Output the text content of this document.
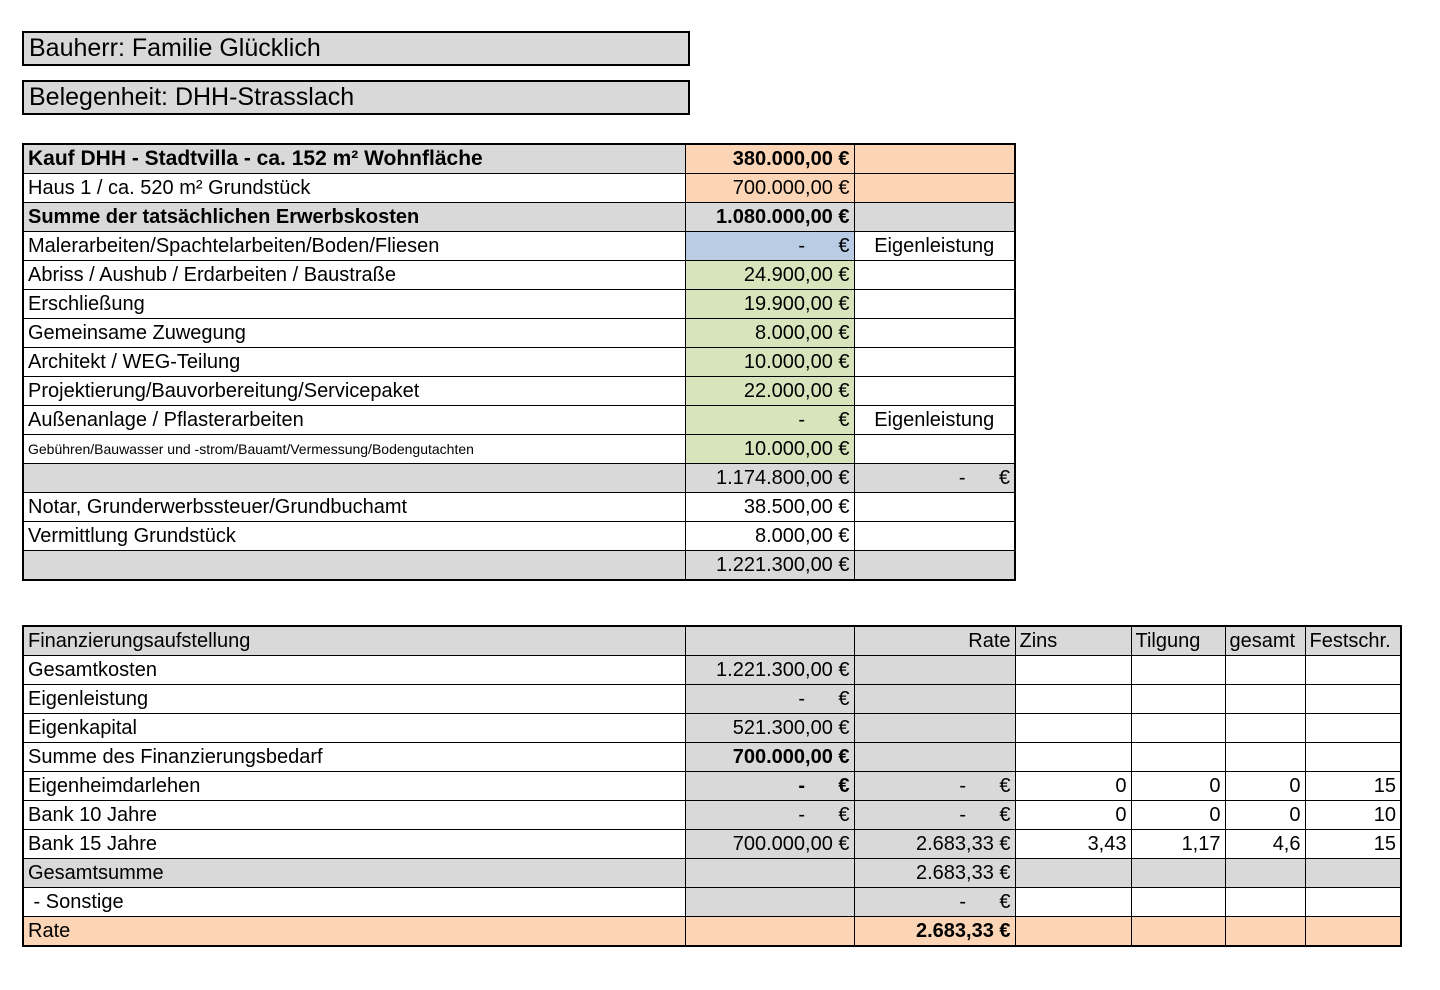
Bauherr: Familie Glücklich
Belegenheit: DHH-Strasslach
Kauf DHH - Stadtvilla - ca. 152 m² Wohnfläche	380.000,00 €	
Haus 1 / ca. 520 m² Grundstück	700.000,00 €	
Summe der tatsächlichen Erwerbskosten	1.080.000,00 €	
Malerarbeiten/Spachtelarbeiten/Boden/Fliesen	-      €	Eigenleistung
Abriss / Aushub / Erdarbeiten / Baustraße	24.900,00 €	
Erschließung	19.900,00 €	
Gemeinsame Zuwegung	8.000,00 €	
Architekt / WEG-Teilung	10.000,00 €	
Projektierung/Bauvorbereitung/Servicepaket	22.000,00 €	
Außenanlage / Pflasterarbeiten	-      €	Eigenleistung
Gebühren/Bauwasser und -strom/Bauamt/Vermessung/Bodengutachten	10.000,00 €	
	1.174.800,00 €	-      €
Notar, Grunderwerbssteuer/Grundbuchamt	38.500,00 €	
Vermittlung Grundstück	8.000,00 €	
	1.221.300,00 €	
Finanzierungsaufstellung		Rate	Zins	Tilgung	gesamt	Festschr.
Gesamtkosten	1.221.300,00 €					
Eigenleistung	-      €					
Eigenkapital	521.300,00 €					
Summe des Finanzierungsbedarf	700.000,00 €					
Eigenheimdarlehen	-      €	-      €	0	0	0	15
Bank 10 Jahre	-      €	-      €	0	0	0	10
Bank 15 Jahre	700.000,00 €	2.683,33 €	3,43	1,17	4,6	15
Gesamtsumme		2.683,33 €				
- Sonstige		-      €				
Rate		2.683,33 €				
